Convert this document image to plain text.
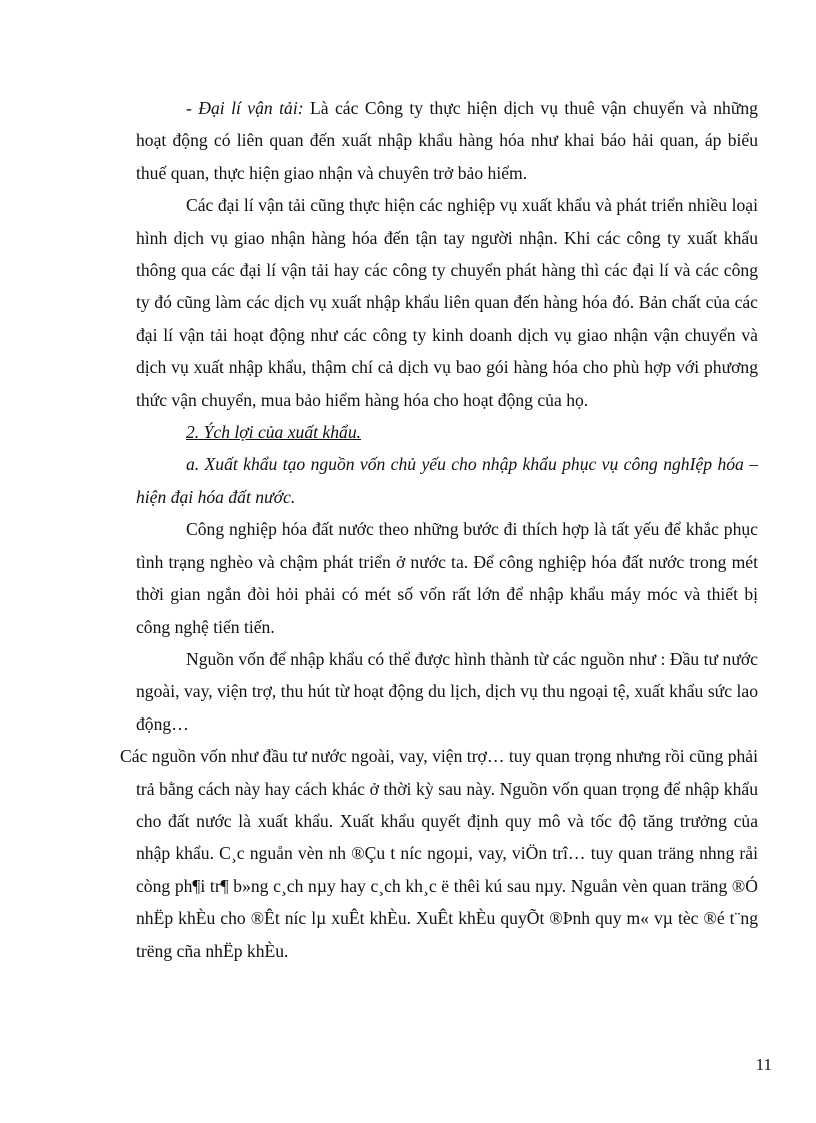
- Đại lí vận tải: Là các Công ty thực hiện dịch vụ thuê vận chuyển và những hoạt động có liên quan đến xuất nhập khẩu hàng hóa như khai báo hải quan, áp biểu thuế quan, thực hiện giao nhận và chuyên trở bảo hiểm.

Các đại lí vận tải cũng thực hiện các nghiệp vụ xuất khẩu và phát triển nhiều loại hình dịch vụ giao nhận hàng hóa đến tận tay người nhận. Khi các công ty xuất khẩu thông qua các đại lí vận tải hay các công ty chuyển phát hàng thì các đại lí và các công ty đó cũng làm các dịch vụ xuất nhập khẩu liên quan đến hàng hóa đó. Bản chất của các đại lí vận tải hoạt động như các công ty kinh doanh dịch vụ giao nhận vận chuyển và dịch vụ xuất nhập khẩu, thậm chí cả dịch vụ bao gói hàng hóa cho phù hợp với phương thức vận chuyển, mua bảo hiểm hàng hóa cho hoạt động của họ.

2. Ých lợi của xuất khẩu.

a. Xuất khẩu tạo nguồn vốn chủ yếu cho nhập khẩu phục vụ công nghIệp hóa – hiện đại hóa đất nước.

Công nghiệp hóa đất nước theo những bước đi thích hợp là tất yếu để khắc phục tình trạng nghèo và chậm phát triển ở nước ta. Để công nghiệp hóa đất nước trong mét thời gian ngắn đòi hỏi phải có mét số vốn rất lớn để nhập khẩu máy móc và thiết bị công nghệ tiến tiến.

Nguồn vốn để nhập khẩu có thể được hình thành từ các nguồn như : Đầu tư nước ngoài, vay, viện trợ, thu hút từ hoạt động du lịch, dịch vụ thu ngoại tệ, xuất khẩu sức lao động…

Các nguồn vốn như đầu tư nước ngoài, vay, viện trợ… tuy quan trọng nhưng rồi cũng phải trả bằng cách này hay cách khác ở thời kỳ sau này. Nguồn vốn quan trọng để nhập khẩu cho đất nước là xuất khẩu. Xuất khẩu quyết định quy mô và tốc độ tăng trưởng của nhập khẩu. C¸c nguån vèn nh ®Çu t níc ngoµi, vay, viÖn trî… tuy quan träng nhng råi còng ph¶i tr¶ b»ng c¸ch nµy hay c¸ch kh¸c ë thêi kú sau nµy. Nguån vèn quan träng ®Ó nhËp khÈu cho ®Êt níc lµ xuÊt khÈu. XuÊt khÈu quyÕt ®Þnh quy m« vµ tèc ®é t¨ng trëng cña nhËp khÈu.

11
